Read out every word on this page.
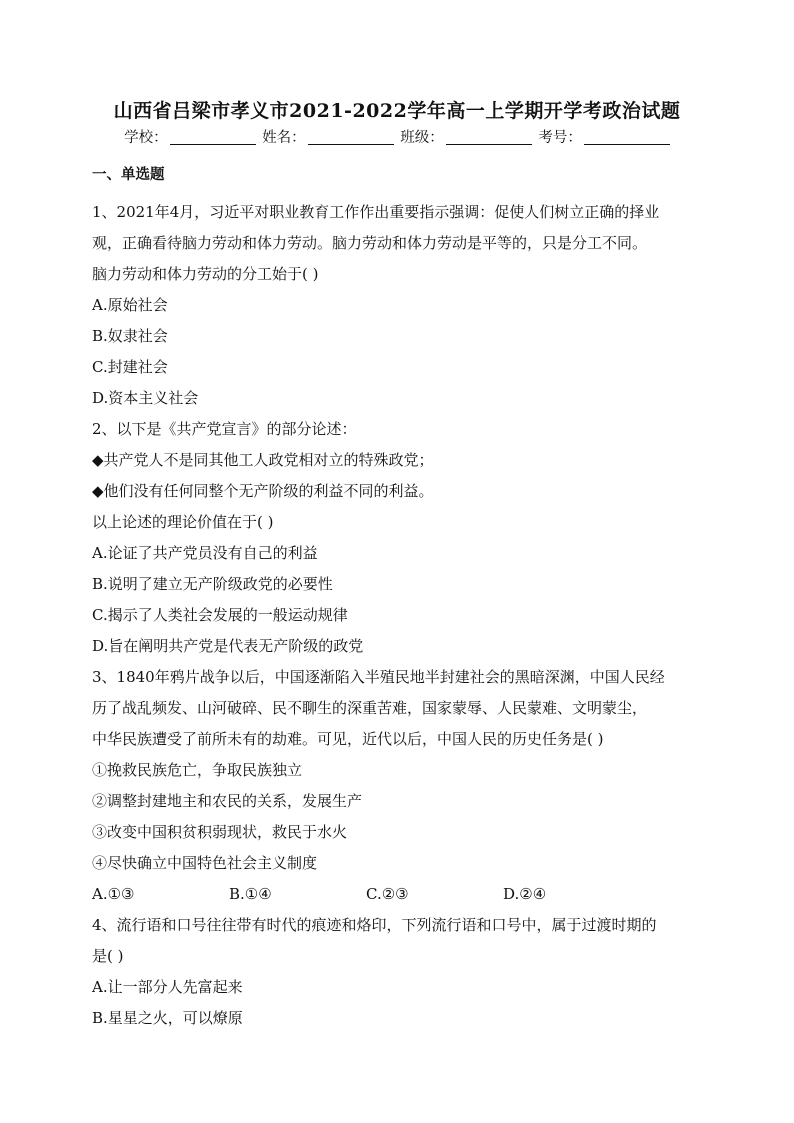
山西省吕梁市孝义市2021-2022学年高一上学期开学考政治试题
学校：	姓名：	班级：	考号：
一、单选题
1、2021年4月，习近平对职业教育工作作出重要指示强调：促使人们树立正确的择业
观，正确看待脑力劳动和体力劳动。脑力劳动和体力劳动是平等的，只是分工不同。
脑力劳动和体力劳动的分工始于( )
A.原始社会
B.奴隶社会
C.封建社会
D.资本主义社会
2、以下是《共产党宣言》的部分论述：
◆共产党人不是同其他工人政党相对立的特殊政党；
◆他们没有任何同整个无产阶级的利益不同的利益。
以上论述的理论价值在于( )
A.论证了共产党员没有自己的利益
B.说明了建立无产阶级政党的必要性
C.揭示了人类社会发展的一般运动规律
D.旨在阐明共产党是代表无产阶级的政党
3、1840年鸦片战争以后，中国逐渐陷入半殖民地半封建社会的黑暗深渊，中国人民经
历了战乱频发、山河破碎、民不聊生的深重苦难，国家蒙辱、人民蒙难、文明蒙尘，
中华民族遭受了前所未有的劫难。可见，近代以后，中国人民的历史任务是( )
①挽救民族危亡，争取民族独立
②调整封建地主和农民的关系，发展生产
③改变中国积贫积弱现状，救民于水火
④尽快确立中国特色社会主义制度
A.①③	B.①④	C.②③	D.②④
4、流行语和口号往往带有时代的痕迹和烙印，下列流行语和口号中，属于过渡时期的
是( )
A.让一部分人先富起来
B.星星之火，可以燎原
